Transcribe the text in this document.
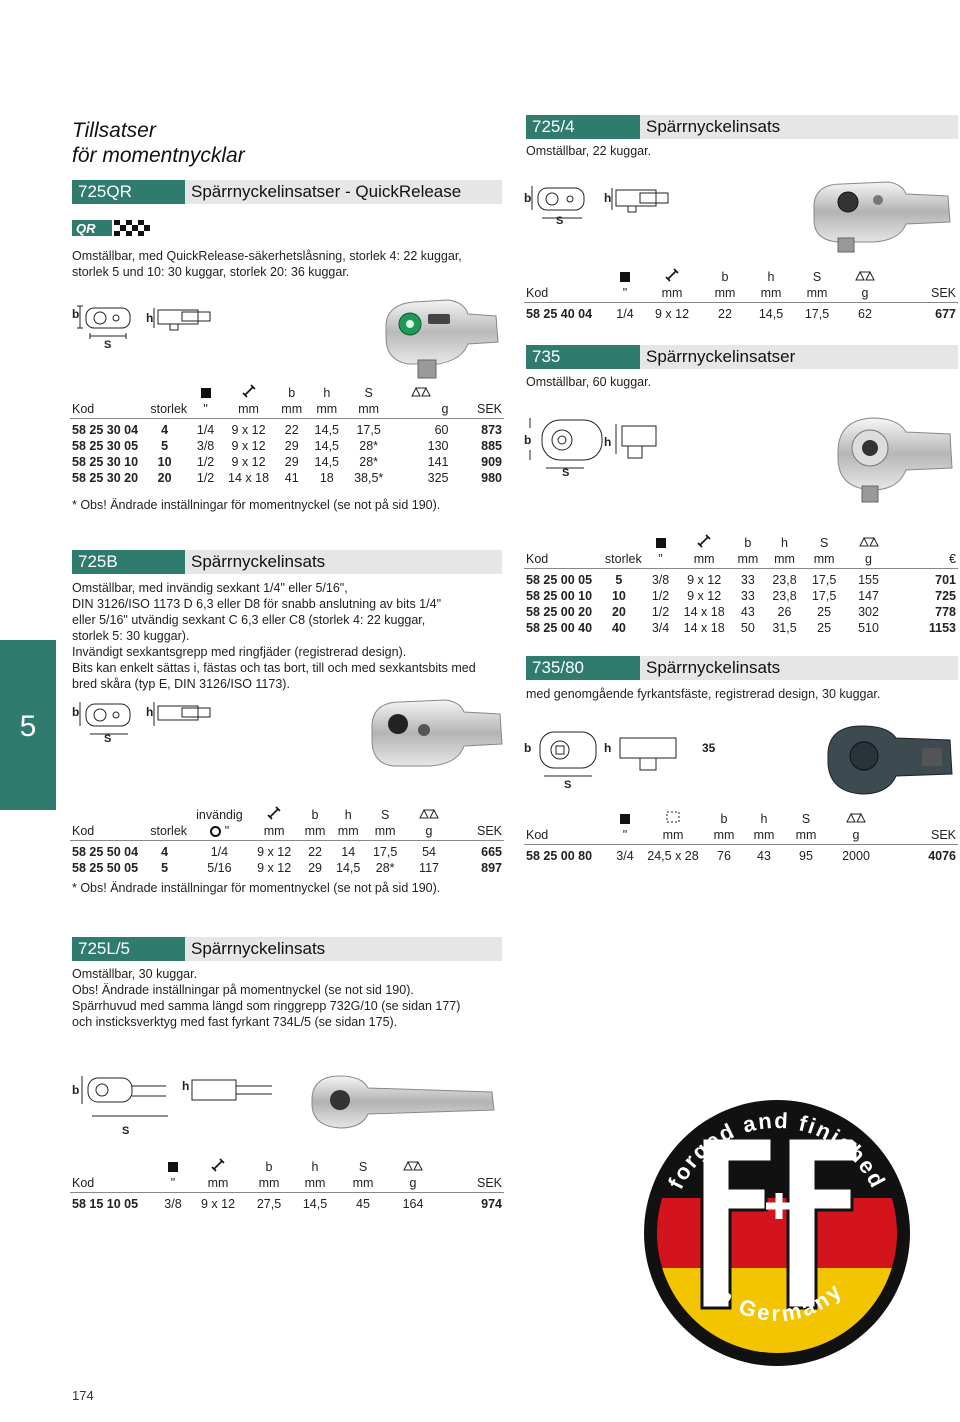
Tillsatser
för momentnycklar
725QR	Spärrnyckelinsatser - QuickRelease
QR
Omställbar, med QuickRelease-säkerhetslåsning, storlek 4: 22 kuggar,
storlek 5 und 10: 30 kuggar, storlek 20: 36 kuggar.
b
S
h
				b	h	S		
Kod	storlek	"	mm	mm	mm	mm	g	SEK
58 25 30 04	4	1/4	9 x 12	22	14,5	17,5	60	873
58 25 30 05	5	3/8	9 x 12	29	14,5	28*	130	885
58 25 30 10	10	1/2	9 x 12	29	14,5	28*	141	909
58 25 30 20	20	1/2	14 x 18	41	18	38,5*	325	980
* Obs! Ändrade inställningar för momentnyckel (se not på sid 190).
725/4	Spärrnyckelinsats
Omställbar, 22 kuggar.
b
S
h
			b	h	S		
Kod	"	mm	mm	mm	mm	g	SEK
58 25 40 04	1/4	9 x 12	22	14,5	17,5	62	677
735	Spärrnyckelinsatser
Omställbar, 60 kuggar.
b
S
h
				b	h	S		
Kod	storlek	"	mm	mm	mm	mm	g	€
58 25 00 05	5	3/8	9 x 12	33	23,8	17,5	155	701
58 25 00 10	10	1/2	9 x 12	33	23,8	17,5	147	725
58 25 00 20	20	1/2	14 x 18	43	26	25	302	778
58 25 00 40	40	3/4	14 x 18	50	31,5	25	510	1153
5
725B	Spärrnyckelinsats
Omställbar, med invändig sexkant 1/4" eller 5/16",
DIN 3126/ISO 1173 D 6,3 eller D8 för snabb anslutning av bits 1/4"
eller 5/16" utvändig sexkant C 6,3 eller C8 (storlek 4: 22 kuggar,
storlek 5: 30 kuggar).
Invändigt sexkantsgrepp med ringfjäder (registrerad design).
Bits kan enkelt sättas i, fästas och tas bort, till och med sexkantsbits med
bred skåra (typ E, DIN 3126/ISO 1173).
b
S
h
		invändig		b	h	S		
Kod	storlek	"	mm	mm	mm	mm	g	SEK
58 25 50 04	4	1/4	9 x 12	22	14	17,5	54	665
58 25 50 05	5	5/16	9 x 12	29	14,5	28*	117	897
* Obs! Ändrade inställningar för momentnyckel (se not på sid 190).
735/80	Spärrnyckelinsats
med genomgående fyrkantsfäste, registrerad design, 30 kuggar.
b
S
h	35
			b	h	S		
Kod	"	mm	mm	mm	mm	g	SEK
58 25 00 80	3/4	24,5 x 28	76	43	95	2000	4076
725L/5	Spärrnyckelinsats
Omställbar, 30 kuggar.
Obs! Ändrade inställningar på momentnyckel (se not sid 190).
Spärrhuvud med samma längd som ringgrepp 732G/10 (se sidan 177)
och insticksverktyg med fast fyrkant 734L/5 (se sidan 175).
b
S
h
			b	h	S		
Kod	"	mm	mm	mm	mm	g	SEK
58 15 10 05	3/8	9 x 12	27,5	14,5	45	164	974
forged and finished
in Germany
174
